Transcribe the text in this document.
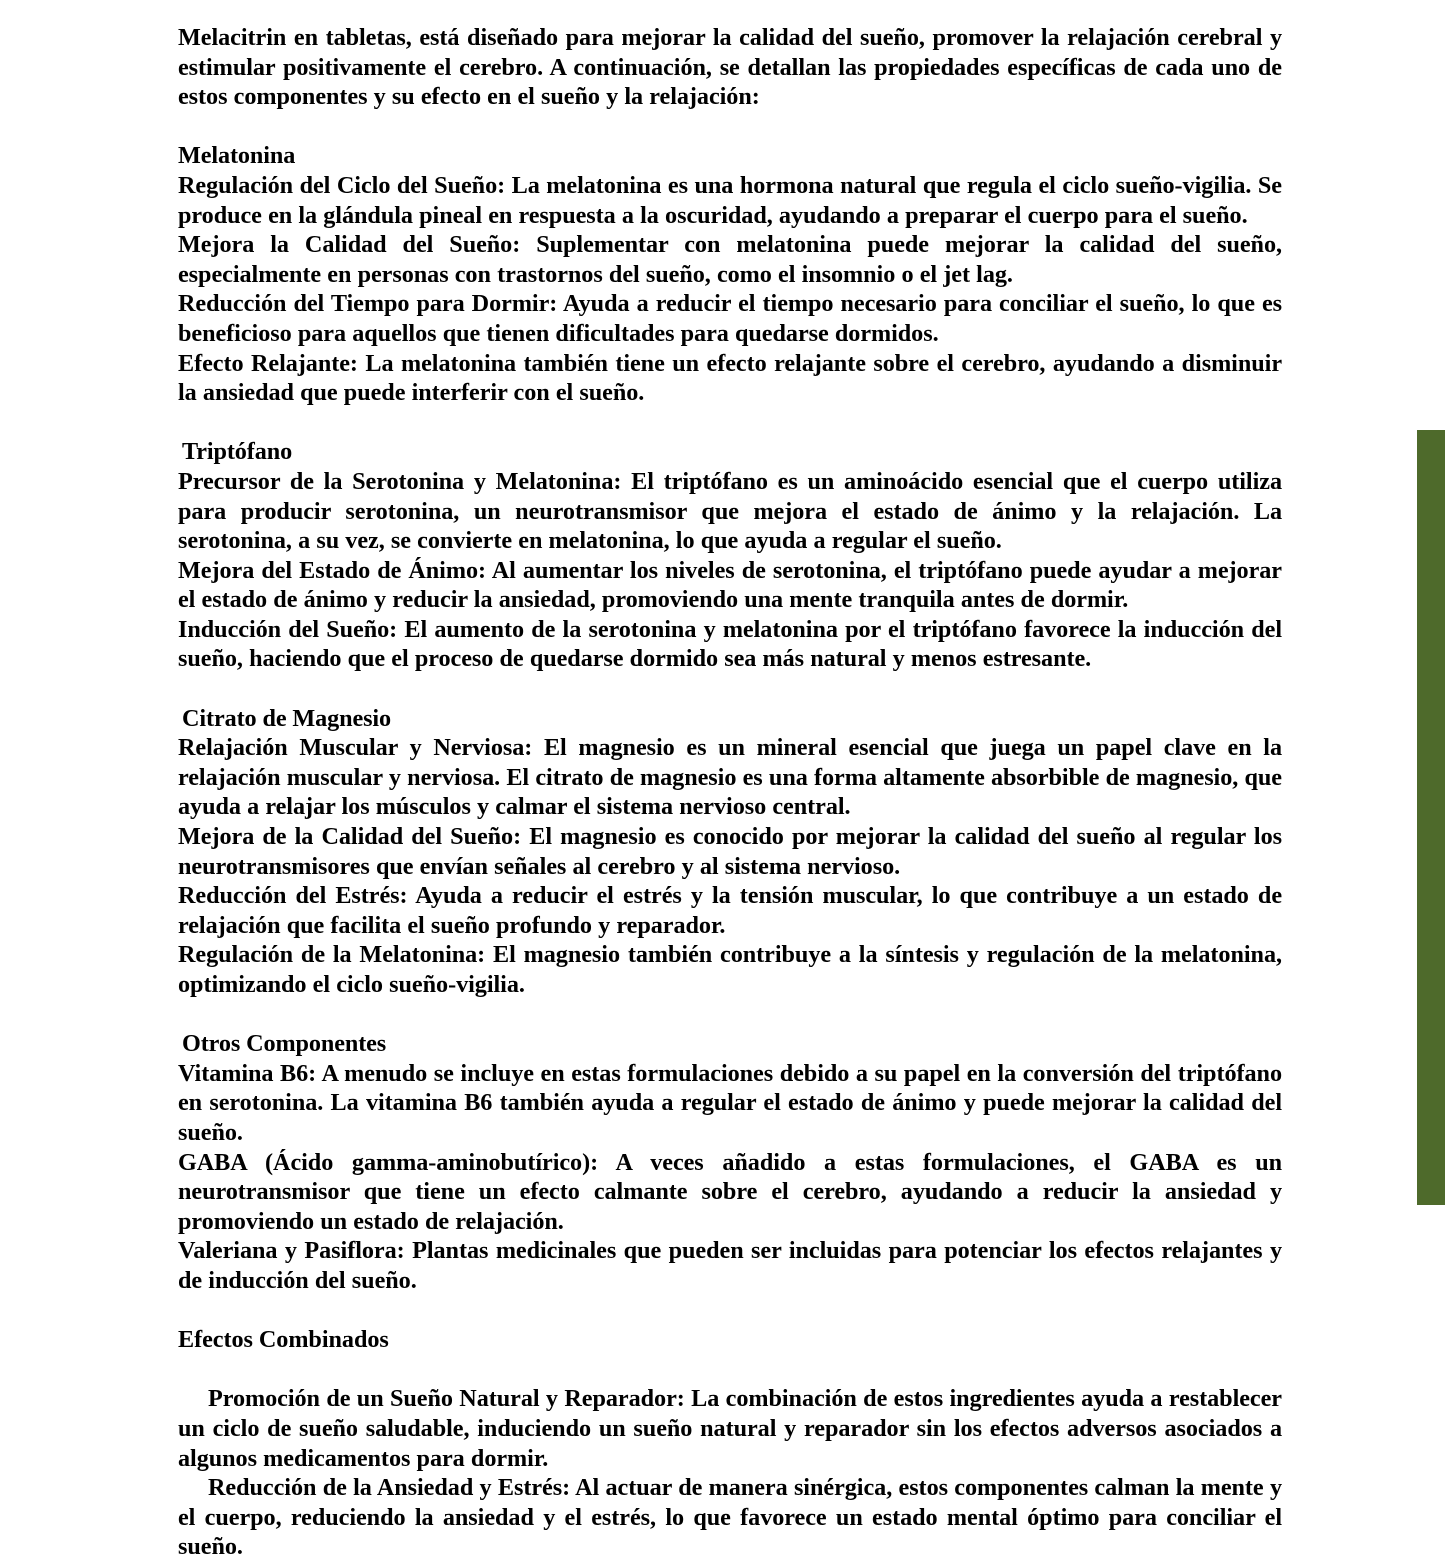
Melacitrin en tabletas, está diseñado para mejorar la calidad del sueño, promover la relajación cerebral y estimular positivamente el cerebro. A continuación, se detallan las propiedades específicas de cada uno de estos componentes y su efecto en el sueño y la relajación:

Melatonina

Regulación del Ciclo del Sueño: La melatonina es una hormona natural que regula el ciclo sueño-vigilia. Se produce en la glándula pineal en respuesta a la oscuridad, ayudando a preparar el cuerpo para el sueño.

Mejora la Calidad del Sueño: Suplementar con melatonina puede mejorar la calidad del sueño, especialmente en personas con trastornos del sueño, como el insomnio o el jet lag.

Reducción del Tiempo para Dormir: Ayuda a reducir el tiempo necesario para conciliar el sueño, lo que es beneficioso para aquellos que tienen dificultades para quedarse dormidos.

Efecto Relajante: La melatonina también tiene un efecto relajante sobre el cerebro, ayudando a disminuir la ansiedad que puede interferir con el sueño.

Triptófano

Precursor de la Serotonina y Melatonina: El triptófano es un aminoácido esencial que el cuerpo utiliza para producir serotonina, un neurotransmisor que mejora el estado de ánimo y la relajación. La serotonina, a su vez, se convierte en melatonina, lo que ayuda a regular el sueño.

Mejora del Estado de Ánimo: Al aumentar los niveles de serotonina, el triptófano puede ayudar a mejorar el estado de ánimo y reducir la ansiedad, promoviendo una mente tranquila antes de dormir.

Inducción del Sueño: El aumento de la serotonina y melatonina por el triptófano favorece la inducción del sueño, haciendo que el proceso de quedarse dormido sea más natural y menos estresante.

Citrato de Magnesio

Relajación Muscular y Nerviosa: El magnesio es un mineral esencial que juega un papel clave en la relajación muscular y nerviosa. El citrato de magnesio es una forma altamente absorbible de magnesio, que ayuda a relajar los músculos y calmar el sistema nervioso central.

Mejora de la Calidad del Sueño: El magnesio es conocido por mejorar la calidad del sueño al regular los neurotransmisores que envían señales al cerebro y al sistema nervioso.

Reducción del Estrés: Ayuda a reducir el estrés y la tensión muscular, lo que contribuye a un estado de relajación que facilita el sueño profundo y reparador.

Regulación de la Melatonina: El magnesio también contribuye a la síntesis y regulación de la melatonina, optimizando el ciclo sueño-vigilia.

Otros Componentes

Vitamina B6: A menudo se incluye en estas formulaciones debido a su papel en la conversión del triptófano en serotonina. La vitamina B6 también ayuda a regular el estado de ánimo y puede mejorar la calidad del sueño.

GABA (Ácido gamma-aminobutírico): A veces añadido a estas formulaciones, el GABA es un neurotransmisor que tiene un efecto calmante sobre el cerebro, ayudando a reducir la ansiedad y promoviendo un estado de relajación.

Valeriana y Pasiflora: Plantas medicinales que pueden ser incluidas para potenciar los efectos relajantes y de inducción del sueño.

Efectos Combinados

Promoción de un Sueño Natural y Reparador: La combinación de estos ingredientes ayuda a restablecer un ciclo de sueño saludable, induciendo un sueño natural y reparador sin los efectos adversos asociados a algunos medicamentos para dormir.

Reducción de la Ansiedad y Estrés: Al actuar de manera sinérgica, estos componentes calman la mente y el cuerpo, reduciendo la ansiedad y el estrés, lo que favorece un estado mental óptimo para conciliar el sueño.
